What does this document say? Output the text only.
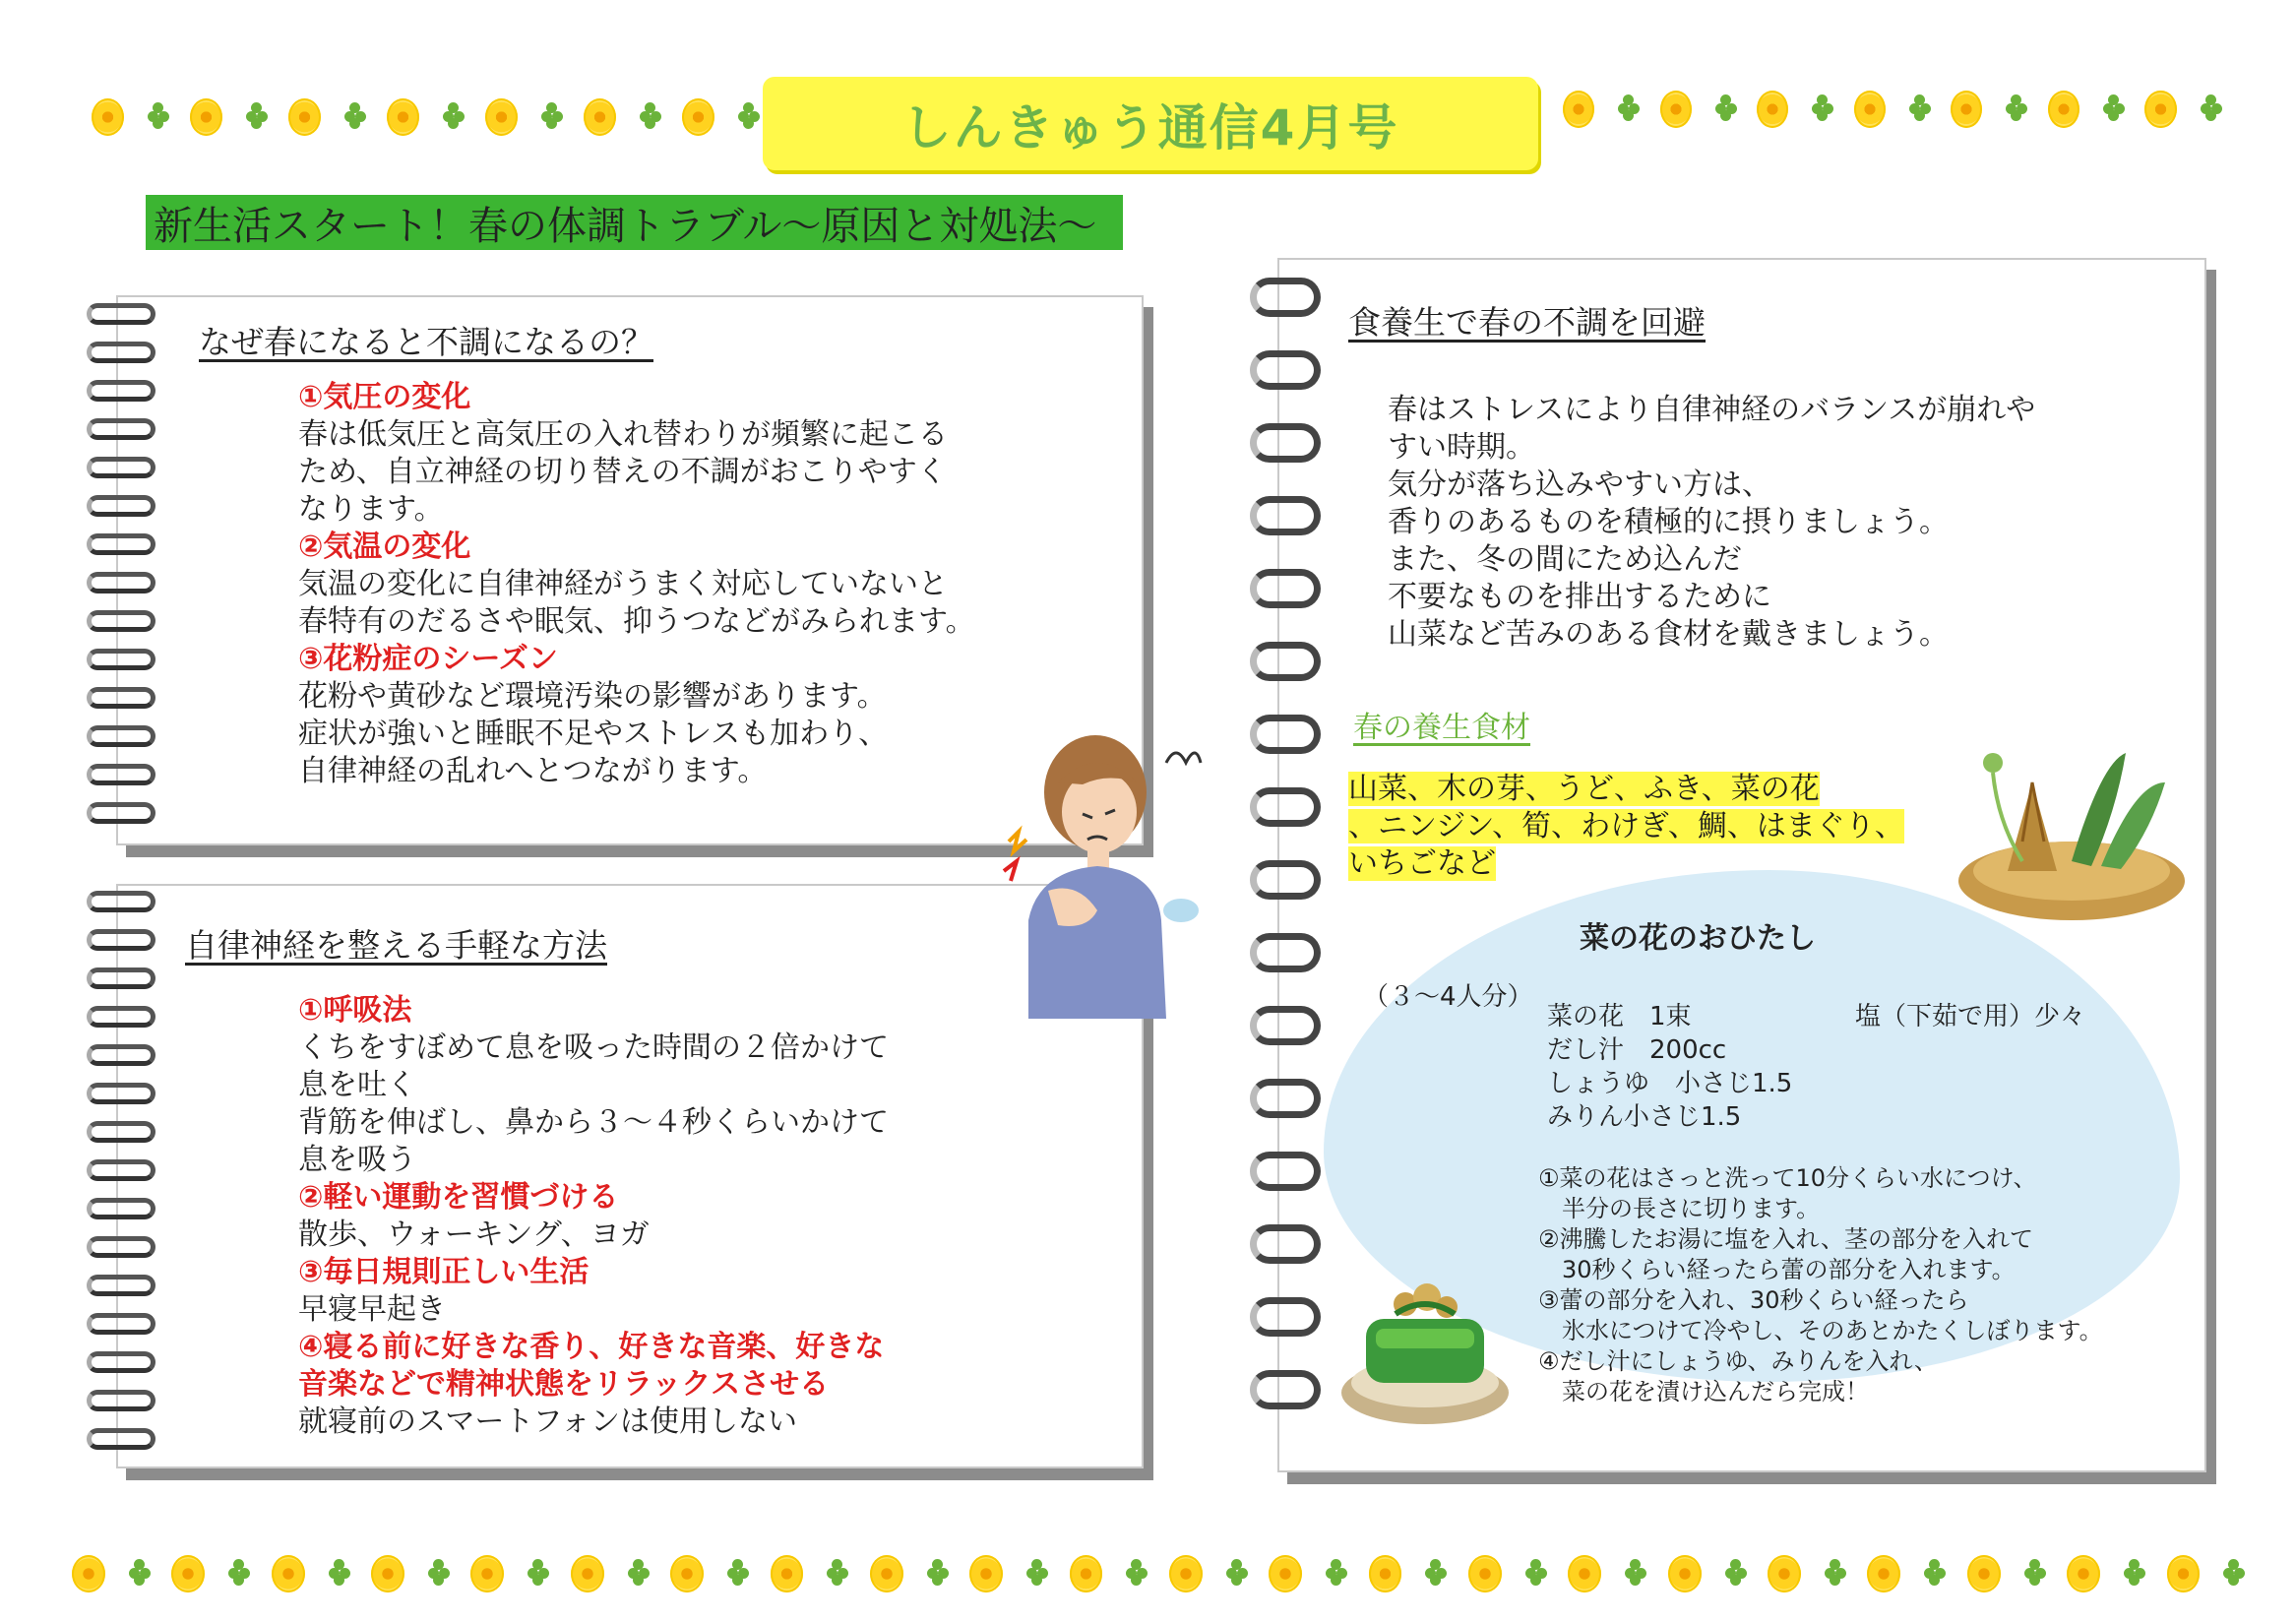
しんきゅう通信4月号
新生活スタート！春の体調トラブル～原因と対処法～
なぜ春になると不調になるの？

①気圧の変化

春は低気圧と高気圧の入れ替わりが頻繁に起こる

ため、自立神経の切り替えの不調がおこりやすく

なります。

②気温の変化

気温の変化に自律神経がうまく対応していないと

春特有のだるさや眠気、抑うつなどがみられます。

③花粉症のシーズン

花粉や黄砂など環境汚染の影響があります。

症状が強いと睡眠不足やストレスも加わり、

自律神経の乱れへとつながります。

自律神経を整える手軽な方法

①呼吸法

くちをすぼめて息を吸った時間の２倍かけて

息を吐く

背筋を伸ばし、鼻から３～４秒くらいかけて

息を吸う

②軽い運動を習慣づける

散歩、ウォーキング、ヨガ

③毎日規則正しい生活

早寝早起き

④寝る前に好きな香り、好きな音楽、好きな

音楽などで精神状態をリラックスさせる

就寝前のスマートフォンは使用しない

食養生で春の不調を回避

春はストレスにより自律神経のバランスが崩れや

すい時期。

気分が落ち込みやすい方は、

香りのあるものを積極的に摂りましょう。

また、冬の間にため込んだ

不要なものを排出するために

山菜など苦みのある食材を戴きましょう。

春の養生食材
山菜、木の芽、うど、ふき、菜の花
、ニンジン、筍、わけぎ、鯛、はまぐり、
いちごなど
菜の花のおひたし
（３～4人分）

菜の花　1束

だし汁　200cc

しょうゆ　小さじ1.5

みりん小さじ1.5

塩（下茹で用）少々

①菜の花はさっと洗って10分くらい水につけ、

　半分の長さに切ります。

②沸騰したお湯に塩を入れ、茎の部分を入れて

　30秒くらい経ったら蕾の部分を入れます。

③蕾の部分を入れ、30秒くらい経ったら

　氷水につけて冷やし、そのあとかたくしぼります。

④だし汁にしょうゆ、みりんを入れ、

　菜の花を漬け込んだら完成！
